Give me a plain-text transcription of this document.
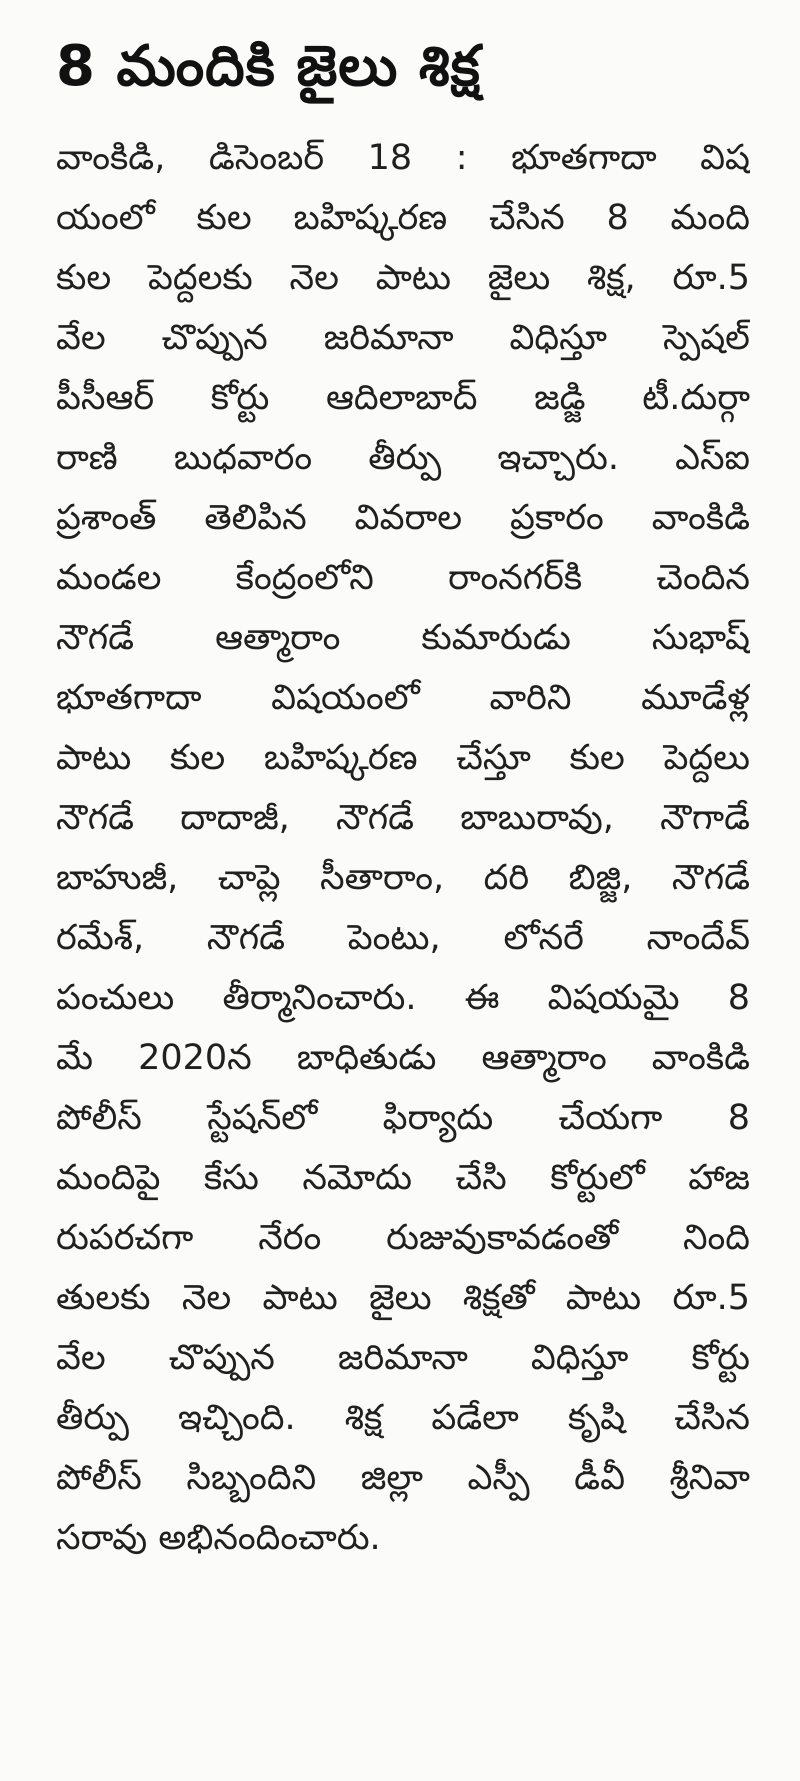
8 మందికి జైలు శిక్ష
వాంకిడి, డిసెంబర్ 18 : భూతగాదా విష
యంలో కుల బహిష్కరణ చేసిన 8 మంది
కుల పెద్దలకు నెల పాటు జైలు శిక్ష, రూ.5
వేల చొప్పున జరిమానా విధిస్తూ స్పెషల్
పీసీఆర్ కోర్టు ఆదిలాబాద్ జడ్జి టీ.దుర్గా
రాణి బుధవారం తీర్పు ఇచ్చారు. ఎస్ఐ
ప్రశాంత్ తెలిపిన వివరాల ప్రకారం వాంకిడి
మండల కేంద్రంలోని రాంనగర్‌కి చెందిన
నౌగడే ఆత్మారాం కుమారుడు సుభాష్
భూతగాదా విషయంలో వారిని మూడేళ్ల
పాటు కుల బహిష్కరణ చేస్తూ కుల పెద్దలు
నౌగడే దాదాజీ, నౌగడే బాబురావు, నౌగాడే
బాహుజీ, చాప్లె సీతారాం, దరి బిజ్జి, నౌగడే
రమేశ్, నౌగడే పెంటు, లోనరే నాందేవ్
పంచులు తీర్మానించారు. ఈ విషయమై 8
మే 2020న బాధితుడు ఆత్మారాం వాంకిడి
పోలీస్ స్టేషన్‌లో ఫిర్యాదు చేయగా 8
మందిపై కేసు నమోదు చేసి కోర్టులో హాజ
రుపరచగా నేరం రుజువుకావడంతో నింది
తులకు నెల పాటు జైలు శిక్షతో పాటు రూ.5
వేల చొప్పున జరిమానా విధిస్తూ కోర్టు
తీర్పు ఇచ్చింది. శిక్ష పడేలా కృషి చేసిన
పోలీస్ సిబ్బందిని జిల్లా ఎస్పీ డీవీ శ్రీనివా
సరావు అభినందించారు.
